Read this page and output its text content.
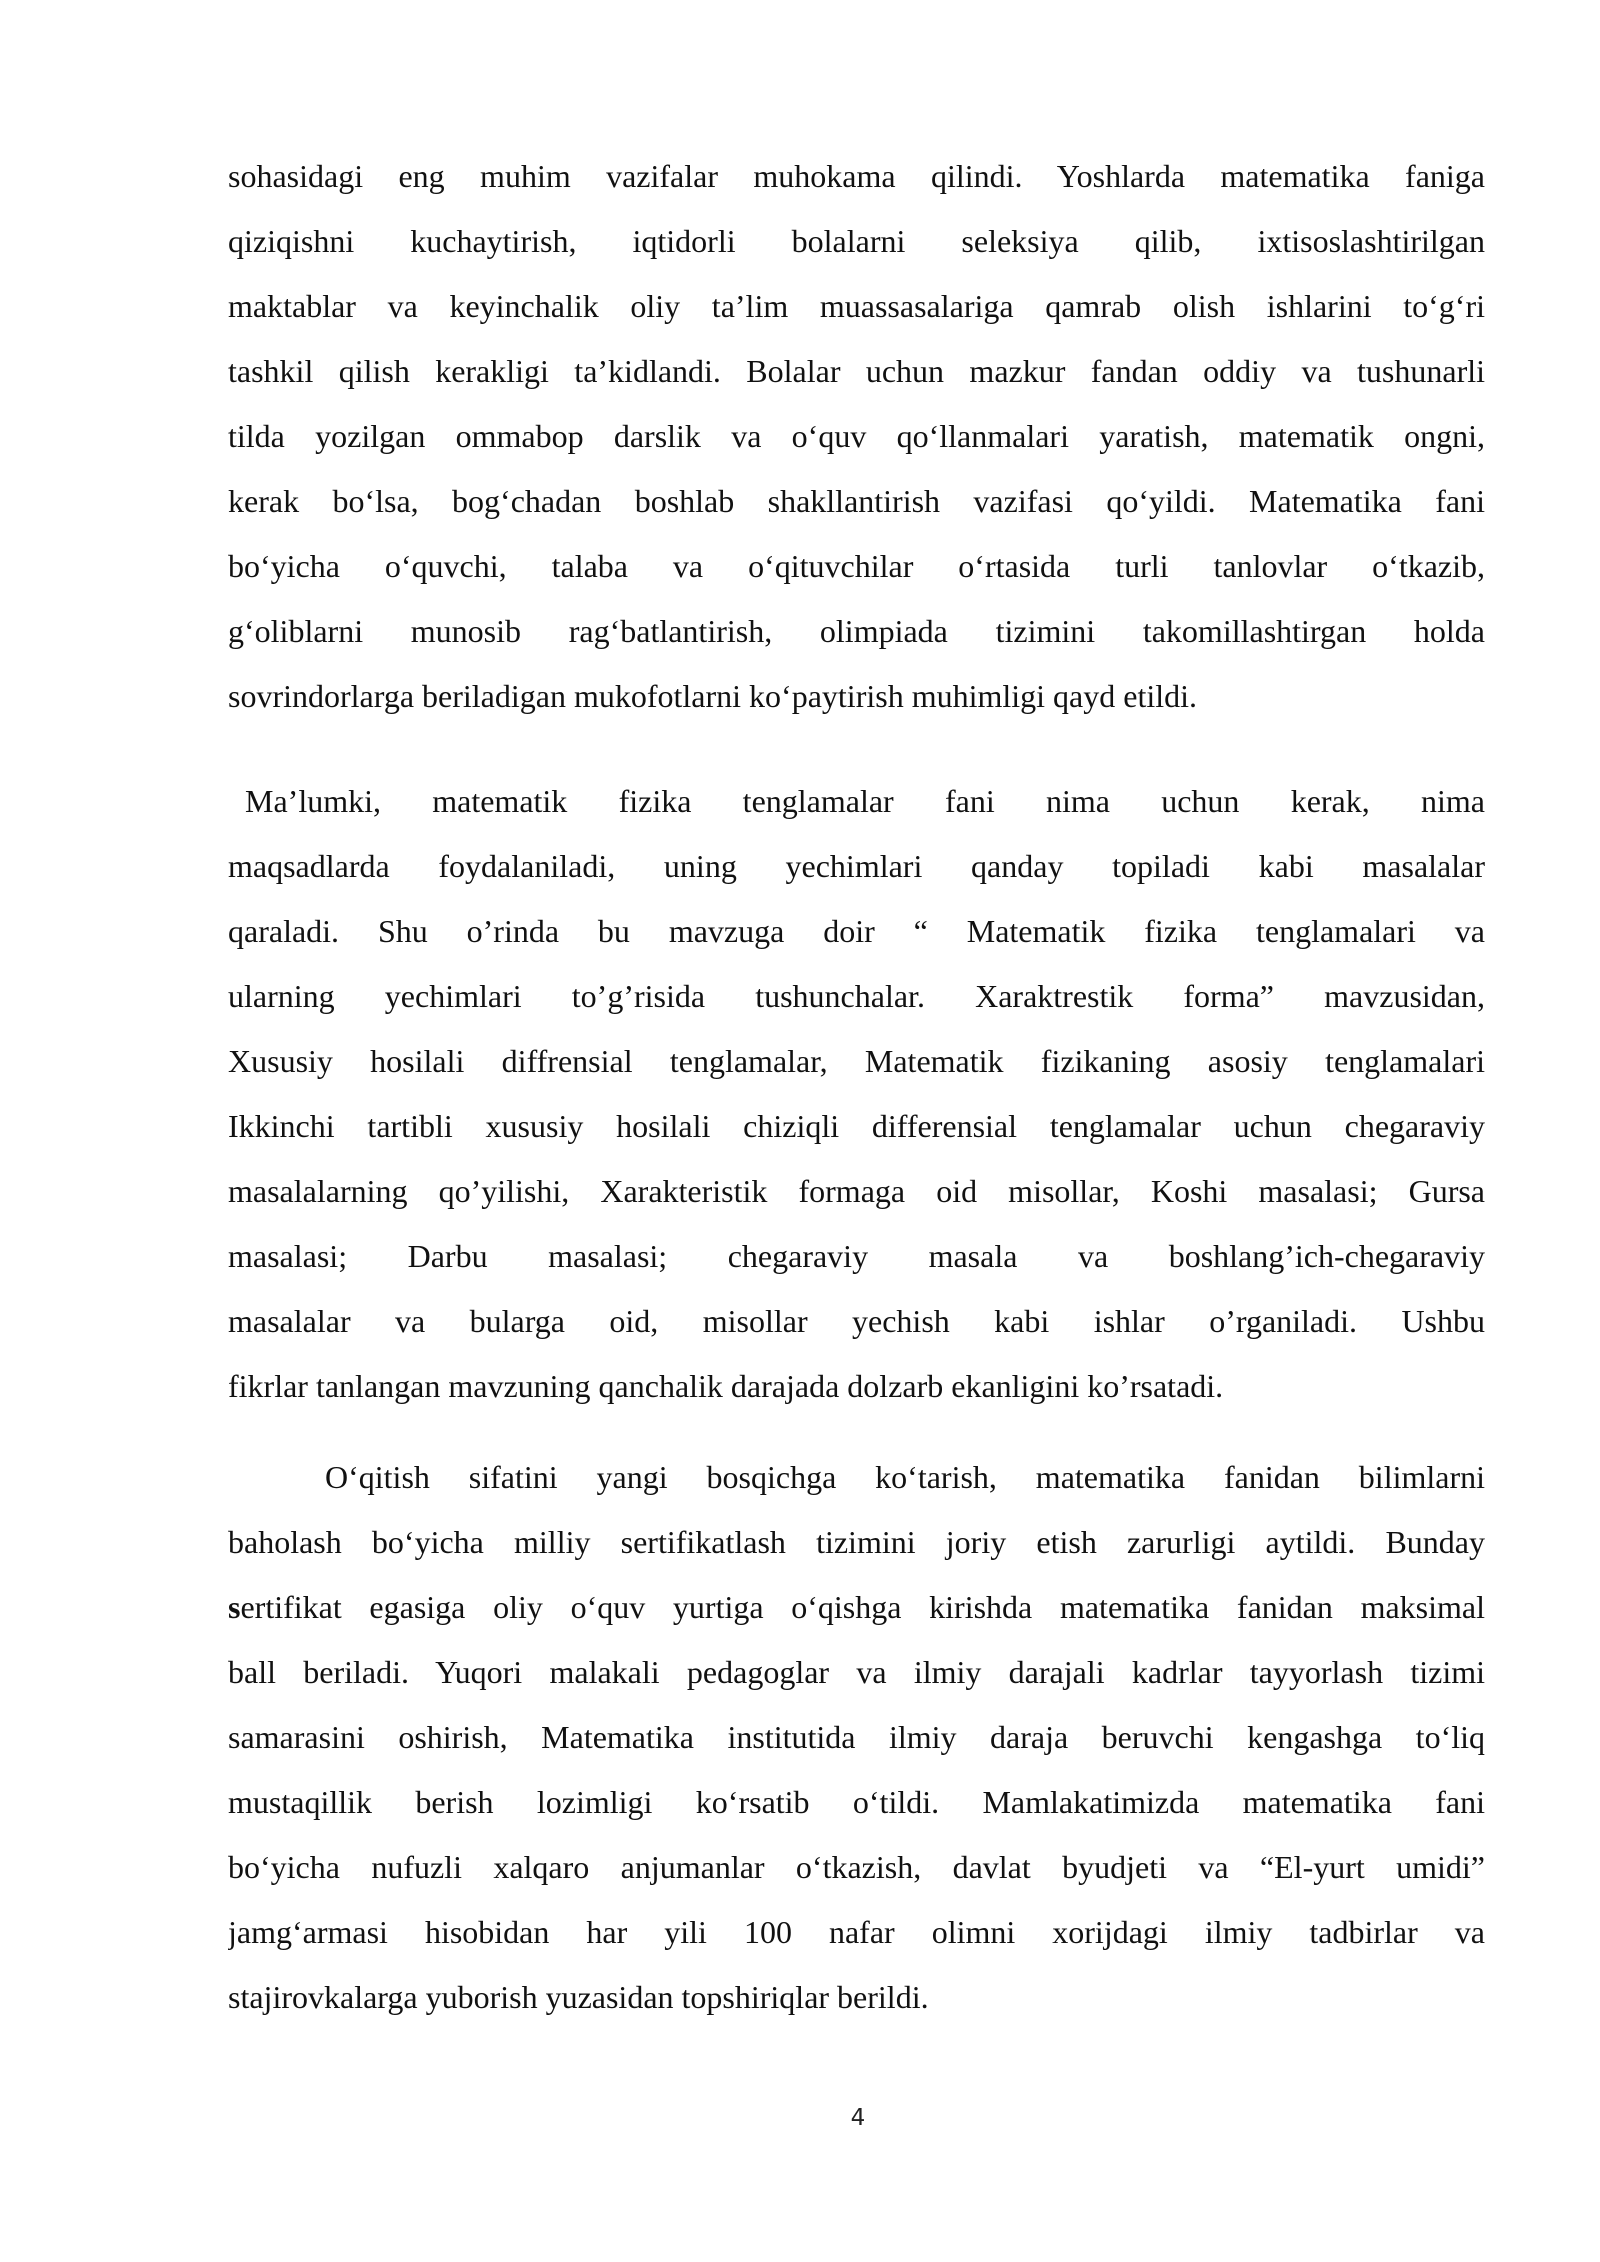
sohasidagi eng muhim vazifalar muhokama qilindi. Yoshlarda matematika faniga
qiziqishni kuchaytirish, iqtidorli bolalarni seleksiya qilib, ixtisoslashtirilgan
maktablar va keyinchalik oliy ta’lim muassasalariga qamrab olish ishlarini to‘g‘ri
tashkil qilish kerakligi ta’kidlandi. Bolalar uchun mazkur fandan oddiy va tushunarli
tilda yozilgan ommabop darslik va o‘quv qo‘llanmalari yaratish, matematik ongni,
kerak bo‘lsa, bog‘chadan boshlab shakllantirish vazifasi qo‘yildi. Matematika fani
bo‘yicha o‘quvchi, talaba va o‘qituvchilar o‘rtasida turli tanlovlar o‘tkazib,
g‘oliblarni munosib rag‘batlantirish, olimpiada tizimini takomillashtirgan holda
sovrindorlarga beriladigan mukofotlarni ko‘paytirish muhimligi qayd etildi.
Ma’lumki, matematik fizika tenglamalar fani nima uchun kerak, nima
maqsadlarda foydalaniladi, uning yechimlari qanday topiladi kabi masalalar
qaraladi. Shu o’rinda bu mavzuga doir “ Matematik fizika tenglamalari va
ularning yechimlari to’g’risida tushunchalar. Xaraktrestik forma” mavzusidan,
Xususiy hosilali diffrensial tenglamalar, Matematik fizikaning asosiy tenglamalari
Ikkinchi tartibli xususiy hosilali chiziqli differensial tenglamalar uchun chegaraviy
masalalarning qo’yilishi, Xarakteristik formaga oid misollar, Koshi masalasi; Gursa
masalasi; Darbu masalasi; chegaraviy masala va boshlang’ich-chegaraviy
masalalar va bularga oid, misollar yechish kabi ishlar o’rganiladi. Ushbu
fikrlar tanlangan mavzuning qanchalik darajada dolzarb ekanligini ko’rsatadi.
O‘qitish sifatini yangi bosqichga ko‘tarish, matematika fanidan bilimlarni
baholash bo‘yicha milliy sertifikatlash tizimini joriy etish zarurligi aytildi. Bunday
sertifikat egasiga oliy o‘quv yurtiga o‘qishga kirishda matematika fanidan maksimal
ball beriladi. Yuqori malakali pedagoglar va ilmiy darajali kadrlar tayyorlash tizimi
samarasini oshirish, Matematika institutida ilmiy daraja beruvchi kengashga to‘liq
mustaqillik berish lozimligi ko‘rsatib o‘tildi. Mamlakatimizda matematika fani
bo‘yicha nufuzli xalqaro anjumanlar o‘tkazish, davlat byudjeti va “El-yurt umidi”
jamg‘armasi hisobidan har yili 100 nafar olimni xorijdagi ilmiy tadbirlar va
stajirovkalarga yuborish yuzasidan topshiriqlar berildi.
4
